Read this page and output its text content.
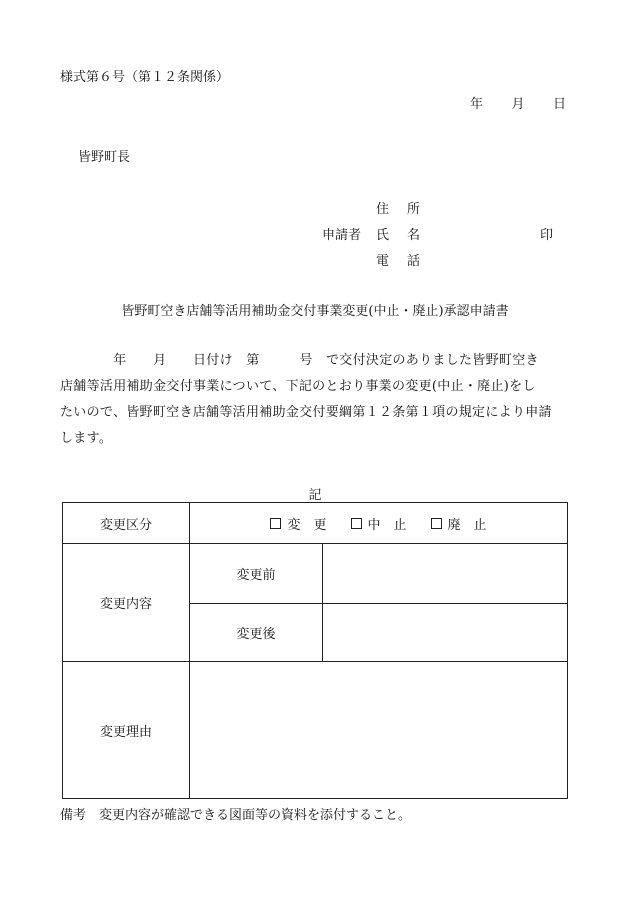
様式第６号（第１２条関係）
年 月 日
皆野町長
住 所
申請者 氏 名	印
電 話
皆野町空き店舗等活用補助金交付事業変更(中止・廃止)承認申請書
　　　　年　　月　　日付け　第　　　号　で交付決定のありました皆野町空き
店舗等活用補助金交付事業について、下記のとおり事業の変更(中止・廃止)をし
たいので、皆野町空き店舗等活用補助金交付要綱第１２条第１項の規定により申請
します。
記
変更区分	変　更 中　止 廃　止	

変更内容	変更前	
	変更後	
変更理由		
備考　変更内容が確認できる図面等の資料を添付すること。
